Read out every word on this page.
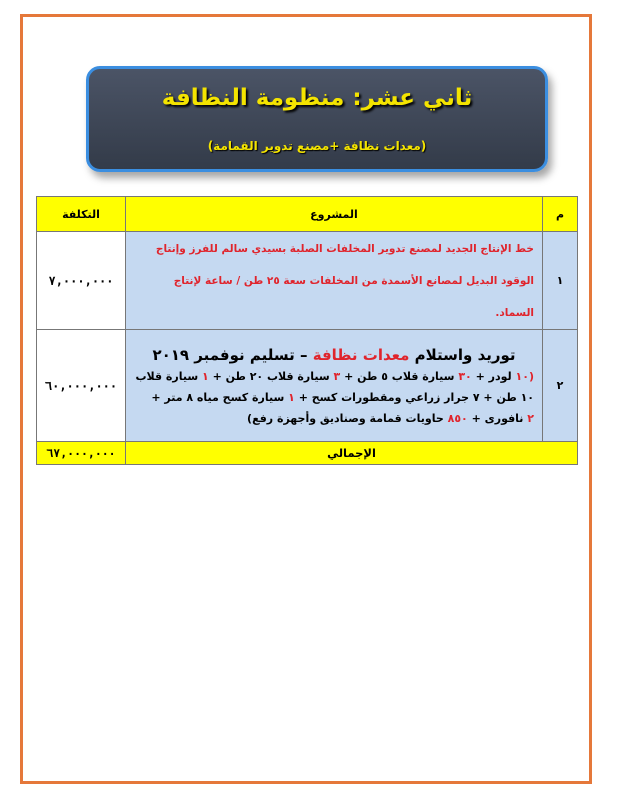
ثاني عشر: منظومة النظافة
(معدات نظافة +مصنع تدوير القمامة)
م	المشروع	التكلفة
١	خط الإنتاج الجديد لمصنع تدوير المخلفات الصلبة بسيدي سالم للفرز وإنتاج
الوقود البديل لمصانع الأسمدة من المخلفات سعة ٢٥ طن / ساعة لإنتاج
السماد.	٧,٠٠٠,٠٠٠
٢	توريد واستلام معدات نظافة – تسليم نوفمبر ٢٠١٩
(١٠ لودر + ٣٠ سيارة قلاب ٥ طن + ٣ سيارة قلاب ٢٠ طن + ١ سيارة قلاب
١٠ طن + ٧ جرار زراعي ومقطورات كسح + ١ سيارة كسح مياه ٨ متر +
٢ نافورى + ٨٥٠ حاويات قمامة وصناديق وأجهزة رفع)	٦٠,٠٠٠,٠٠٠
الإجمالي		٦٧,٠٠٠,٠٠٠
